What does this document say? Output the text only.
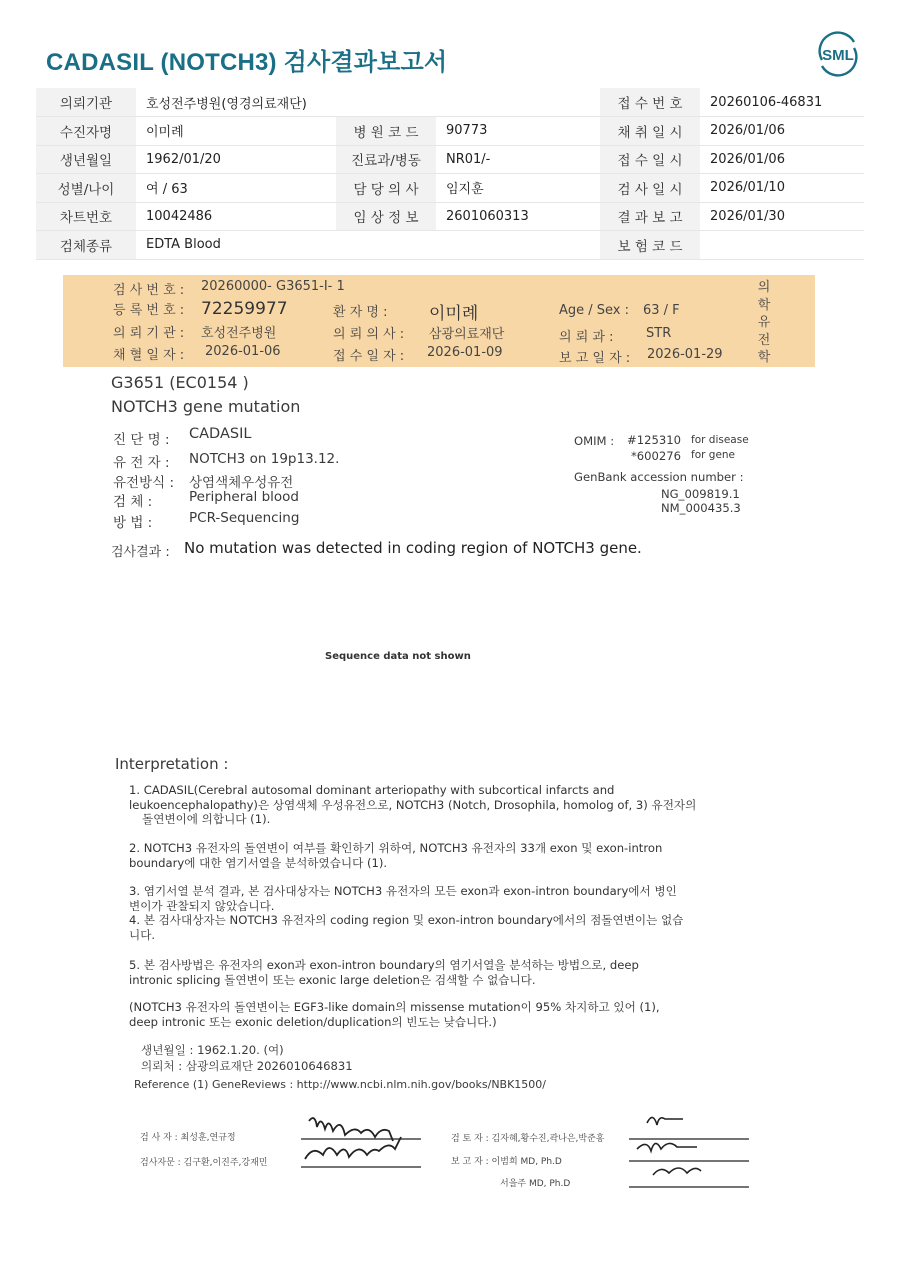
CADASIL (NOTCH3) 검사결과보고서	SML
의뢰기관	호성전주병원(영경의료재단)			접 수 번 호	20260106-46831
수진자명	이미례	병 원 코 드	90773	채 취 일 시	2026/01/06
생년월일	1962/01/20	진료과/병동	NR01/-	접 수 일 시	2026/01/06
성별/나이	여 / 63	담 당 의 사	임지훈	검 사 일 시	2026/01/10
차트번호	10042486	임 상 정 보	2601060313	결 과 보 고	2026/01/30
검체종류	EDTA Blood			보 험 코 드	
검 사 번 호 : 20260000- G3651-I- 1
등 록 번 호 : 72259977	환 자 명 : 이미례	Age / Sex : 63 / F
의 뢰 기 관 : 호성전주병원	의 뢰 의 사 : 삼광의료재단	의 뢰 과 :	STR
채 혈 일 자 : 2026-01-06	접 수 일 자 : 2026-01-09	보 고 일 자 : 2026-01-29
의학유전학
G3651 (EC0154 )
NOTCH3 gene mutation
진 단 명 : CADASIL
유 전 자 : NOTCH3 on 19p13.12.
유전방식 : 상염색체우성유전
검 체 :	Peripheral blood
방 법 :	PCR-Sequencing
OMIM : #125310 for disease
*600276 for gene
GenBank accession number :
NG_009819.1
NM_000435.3
검사결과 : No mutation was detected in coding region of NOTCH3 gene.
Sequence data not shown
Interpretation :
1. CADASIL(Cerebral autosomal dominant arteriopathy with subcortical infarcts and
leukoencephalopathy)은 상염색체 우성유전으로, NOTCH3 (Notch, Drosophila, homolog of, 3) 유전자의
돌연변이에 의합니다 (1).
2. NOTCH3 유전자의 돌연변이 여부를 확인하기 위하여, NOTCH3 유전자의 33개 exon 및 exon-intron
boundary에 대한 염기서열을 분석하였습니다 (1).
3. 염기서열 분석 결과, 본 검사대상자는 NOTCH3 유전자의 모든 exon과 exon-intron boundary에서 병인
변이가 관찰되지 않았습니다.
4. 본 검사대상자는 NOTCH3 유전자의 coding region 및 exon-intron boundary에서의 점돌연변이는 없습
니다.
5. 본 검사방법은 유전자의 exon과 exon-intron boundary의 염기서열을 분석하는 방법으로, deep
intronic splicing 돌연변이 또는 exonic large deletion은 검색할 수 없습니다.
(NOTCH3 유전자의 돌연변이는 EGF3-like domain의 missense mutation이 95% 차지하고 있어 (1),
deep intronic 또는 exonic deletion/duplication의 빈도는 낮습니다.)
생년월일 : 1962.1.20. (여)
의뢰처 : 삼광의료재단 2026010646831
Reference (1) GeneReviews : http://www.ncbi.nlm.nih.gov/books/NBK1500/
검 사 자 : 최성훈,연규정
검사자문 : 김구환,이진주,강재민
검 토 자 : 김자혜,황수진,곽나은,박준홍
보 고 자 : 이범희 MD, Ph.D
서을주 MD, Ph.D
